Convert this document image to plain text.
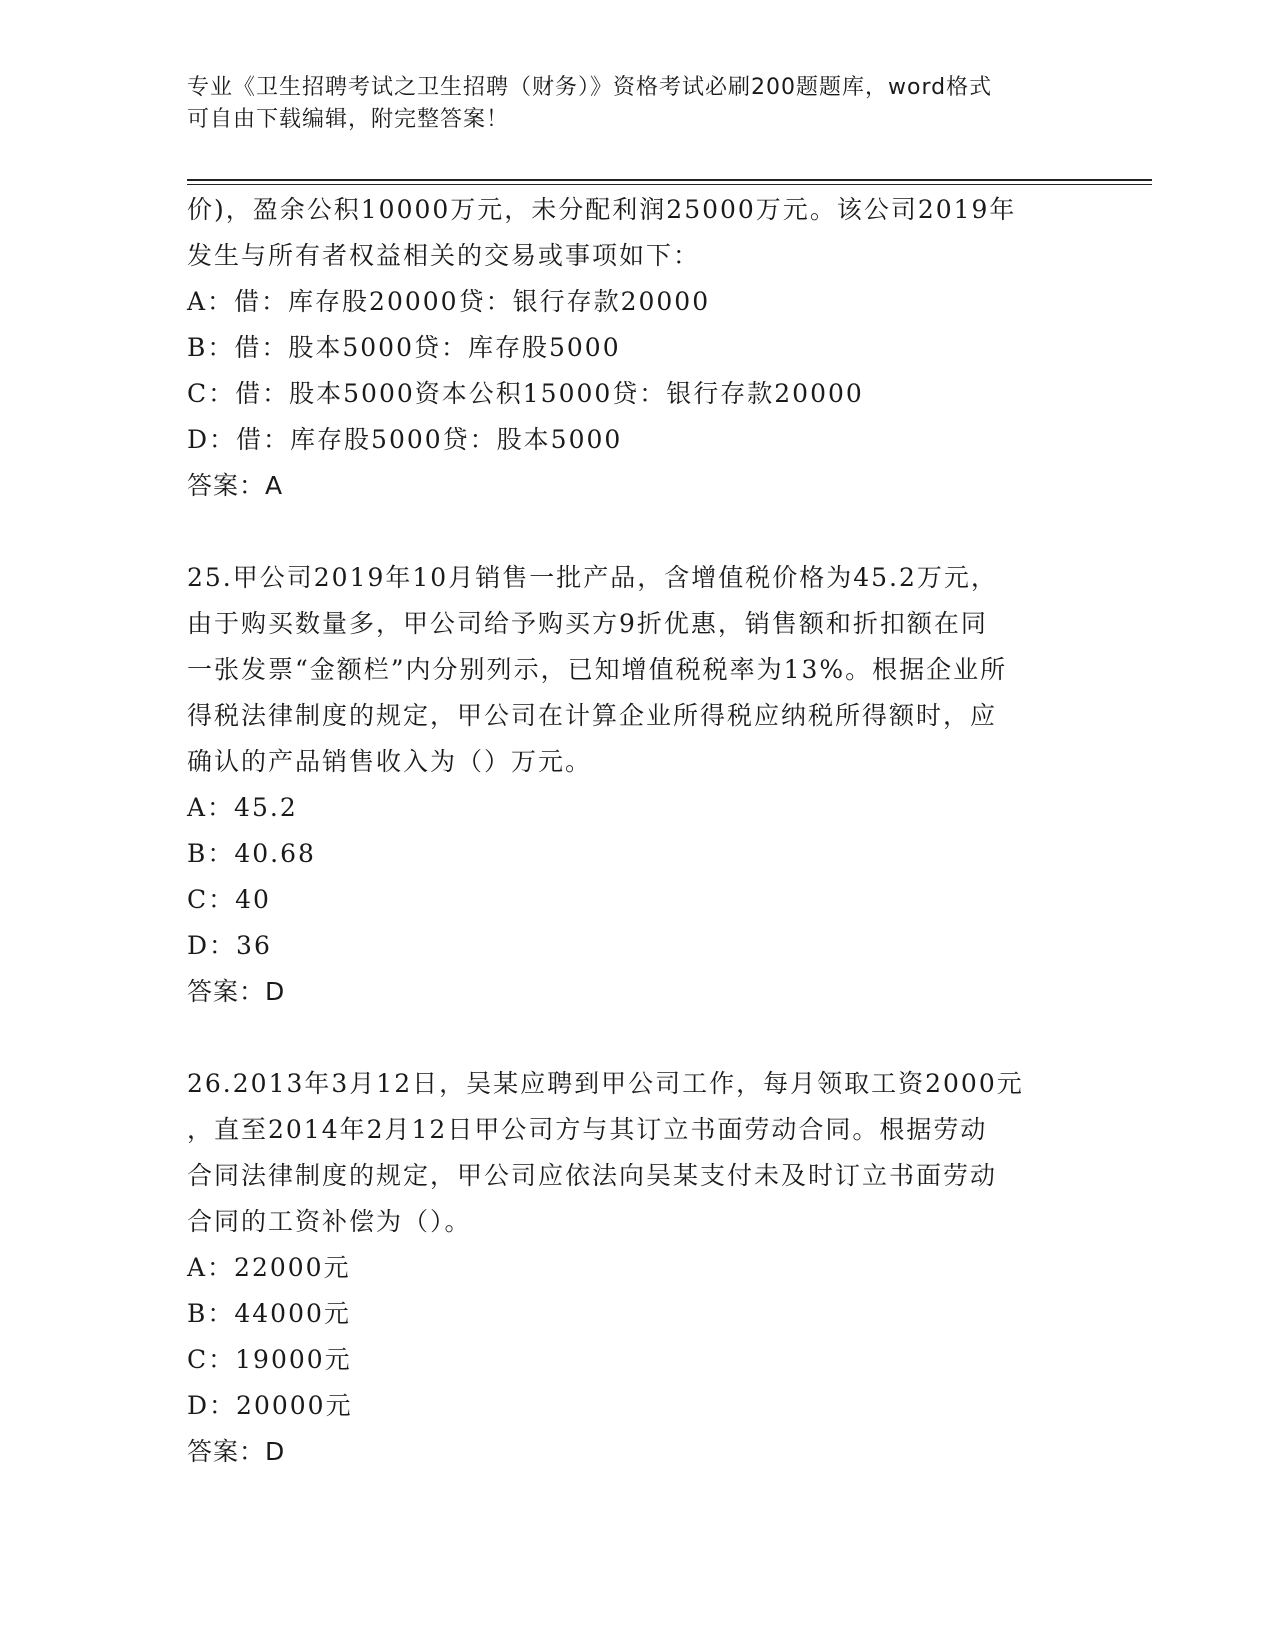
专业《卫生招聘考试之卫生招聘（财务）》资格考试必刷200题题库，word格式
可自由下载编辑，附完整答案！
价)，盈余公积10000万元，未分配利润25000万元。该公司2019年
发生与所有者权益相关的交易或事项如下：
A：借：库存股20000贷：银行存款20000
B：借：股本5000贷：库存股5000
C：借：股本5000资本公积15000贷：银行存款20000
D：借：库存股5000贷：股本5000
答案：A
25.甲公司2019年10月销售一批产品，含增值税价格为45.2万元，
由于购买数量多，甲公司给予购买方9折优惠，销售额和折扣额在同
一张发票“金额栏”内分别列示，已知增值税税率为13%。根据企业所
得税法律制度的规定，甲公司在计算企业所得税应纳税所得额时，应
确认的产品销售收入为（）万元。
A：45.2
B：40.68
C：40
D：36
答案：D
26.2013年3月12日，吴某应聘到甲公司工作，每月领取工资2000元
，直至2014年2月12日甲公司方与其订立书面劳动合同。根据劳动
合同法律制度的规定，甲公司应依法向吴某支付未及时订立书面劳动
合同的工资补偿为（）。
A：22000元
B：44000元
C：19000元
D：20000元
答案：D
